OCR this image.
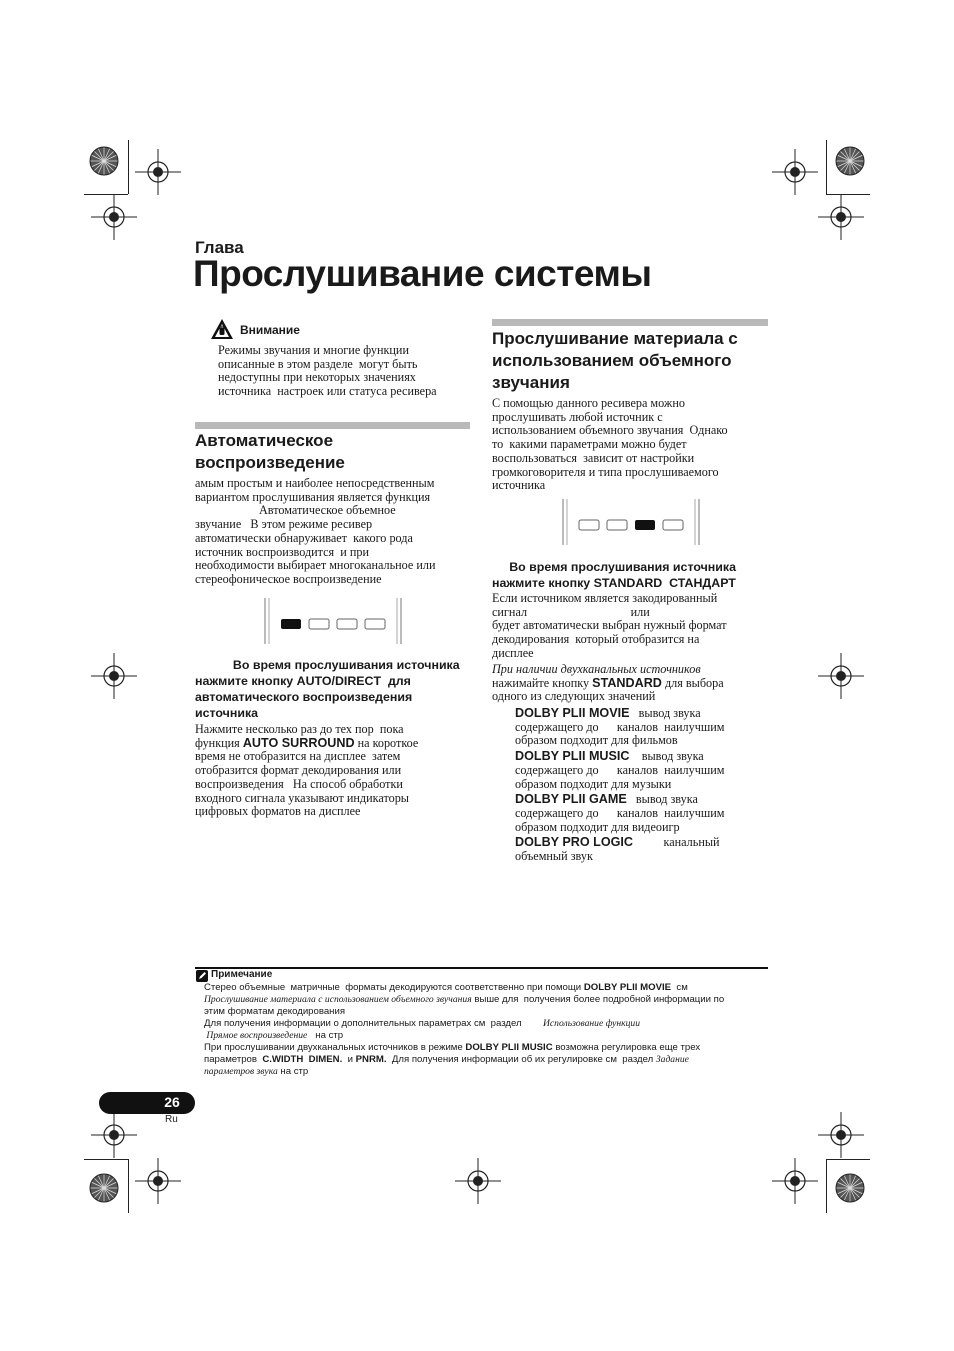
Глава
Прослушивание системы
Внимание
Режимы звучания и многие функции
описанные в этом разделе  могут быть
недоступны при некоторых значениях
источника  настроек или статуса ресивера
Автоматическое
воспроизведение
амым простым и наиболее непосредственным
вариантом прослушивания является функция
Автоматическое объемное
звучание   В этом режиме ресивер
автоматически обнаруживает  какого рода
источник воспроизводится  и при
необходимости выбирает многоканальное или
стереофоническое воспроизведение
Во время прослушивания источника
нажмите кнопку AUTO/DIRECT  для
автоматического воспроизведения
источника
Нажмите несколько раз до тех пор  пока
функция AUTO SURROUND на короткое
время не отобразится на дисплее  затем
отобразится формат декодирования или
воспроизведения   На способ обработки
входного сигнала указывают индикаторы
цифровых форматов на дисплее
Прослушивание материала с
использованием объемного
звучания
С помощью данного ресивера можно
прослушивать любой источник с
использованием объемного звучания  Однако
то  какими параметрами можно будет
воспользоваться  зависит от настройки
громкоговорителя и типа прослушиваемого
источника
Во время прослушивания источника
нажмите кнопку STANDARD  СТАНДАРТ
Если источником является закодированный
сигнал                                  или
будет автоматически выбран нужный формат
декодирования  который отобразится на
дисплее
При наличии двухканальных источников
нажимайте кнопку STANDARD для выбора
одного из следующих значений
DOLBY PLII MOVIE   вывод звука
содержащего до      каналов  наилучшим
образом подходит для фильмов
DOLBY PLII MUSIC    вывод звука
содержащего до      каналов  наилучшим
образом подходит для музыки
DOLBY PLII GAME   вывод звука
содержащего до      каналов  наилучшим
образом подходит для видеоигр
DOLBY PRO LOGIC          канальный
объемный звук
Примечание
Стерео объемные  матричные  форматы декодируются соответственно при помощи DOLBY PLII MOVIE  см
Прослушивание материала с использованием объемного звучания выше для  получения более подробной информации по
этим форматам декодирования
Для получения информации о дополнительных параметрах см  раздел        Использование функции
Прямое воспроизведение   на стр
При прослушивании двухканальных источников в режиме DOLBY PLII MUSIC возможна регулировка еще трех
параметров  C.WIDTH  DIMEN.  и PNRM.  Для получения информации об их регулировке см  раздел Задание
параметров звука на стр
26
Ru
